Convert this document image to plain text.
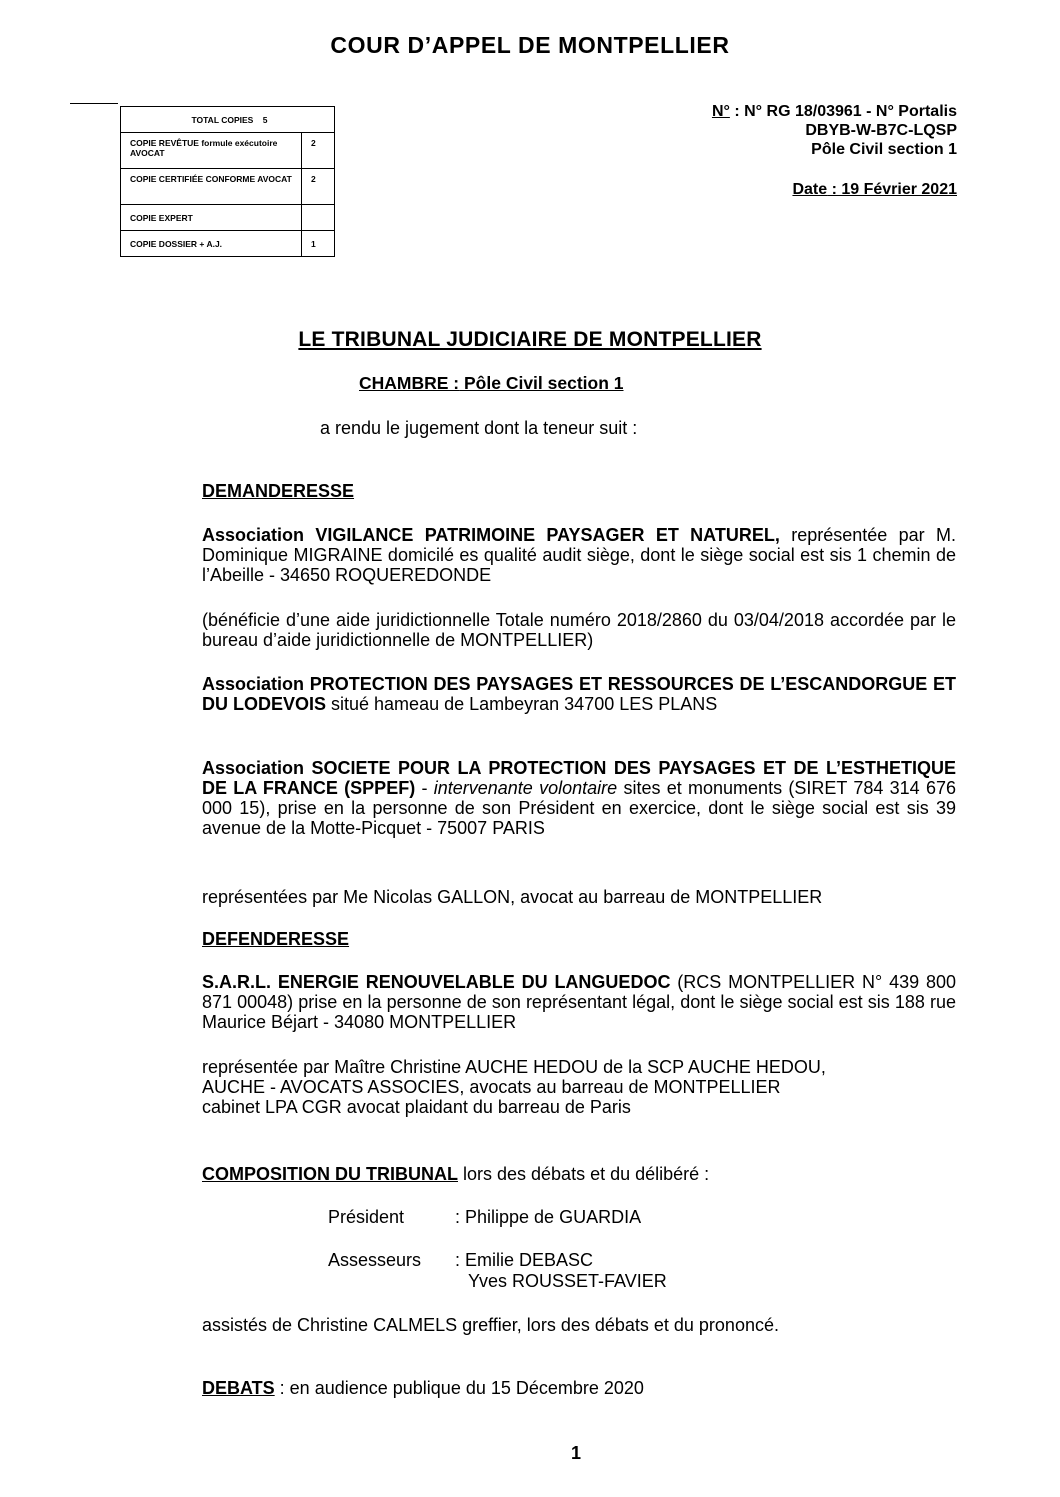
COUR D’APPEL DE MONTPELLIER
TOTAL COPIES 5	
COPIE REVÊTUE formule exécutoire AVOCAT	2
COPIE CERTIFIÉE CONFORME AVOCAT	2
COPIE EXPERT	
COPIE DOSSIER + A.J.	1
N° : N° RG 18/03961 - N° Portalis
DBYB-W-B7C-LQSP
Pôle Civil section 1
Date : 19 Février 2021
LE TRIBUNAL JUDICIAIRE DE MONTPELLIER
CHAMBRE : Pôle Civil section 1
a rendu le jugement dont la teneur suit :
DEMANDERESSE
Association VIGILANCE PATRIMOINE PAYSAGER ET NATUREL, représentée par M. Dominique MIGRAINE domicilé es qualité audit siège, dont le siège social est sis 1 chemin de l’Abeille - 34650 ROQUEREDONDE
(bénéficie d’une aide juridictionnelle Totale numéro 2018/2860 du 03/04/2018 accordée par le bureau d’aide juridictionnelle de MONTPELLIER)
Association PROTECTION DES PAYSAGES ET RESSOURCES DE L’ESCANDORGUE ET DU LODEVOIS situé hameau de Lambeyran 34700 LES PLANS
Association SOCIETE POUR LA PROTECTION DES PAYSAGES ET DE L’ESTHETIQUE DE LA FRANCE (SPPEF) - intervenante volontaire sites et monuments (SIRET 784 314 676 000 15), prise en la personne de son Président en exercice, dont le siège social est sis 39 avenue de la Motte-Picquet - 75007 PARIS
représentées par Me Nicolas GALLON, avocat au barreau de MONTPELLIER
DEFENDERESSE
S.A.R.L. ENERGIE RENOUVELABLE DU LANGUEDOC (RCS MONTPELLIER N° 439 800 871 00048) prise en la personne de son représentant légal, dont le siège social est sis 188 rue Maurice Béjart - 34080 MONTPELLIER
représentée par Maître Christine AUCHE HEDOU de la SCP AUCHE HEDOU,
AUCHE - AVOCATS ASSOCIES, avocats au barreau de MONTPELLIER
cabinet LPA CGR avocat plaidant du barreau de Paris
COMPOSITION DU TRIBUNAL lors des débats et du délibéré :
Président	: Philippe de GUARDIA
Assesseurs : Emilie DEBASC
Yves ROUSSET-FAVIER
assistés de Christine CALMELS greffier, lors des débats et du prononcé.
DEBATS : en audience publique du 15 Décembre 2020
1
